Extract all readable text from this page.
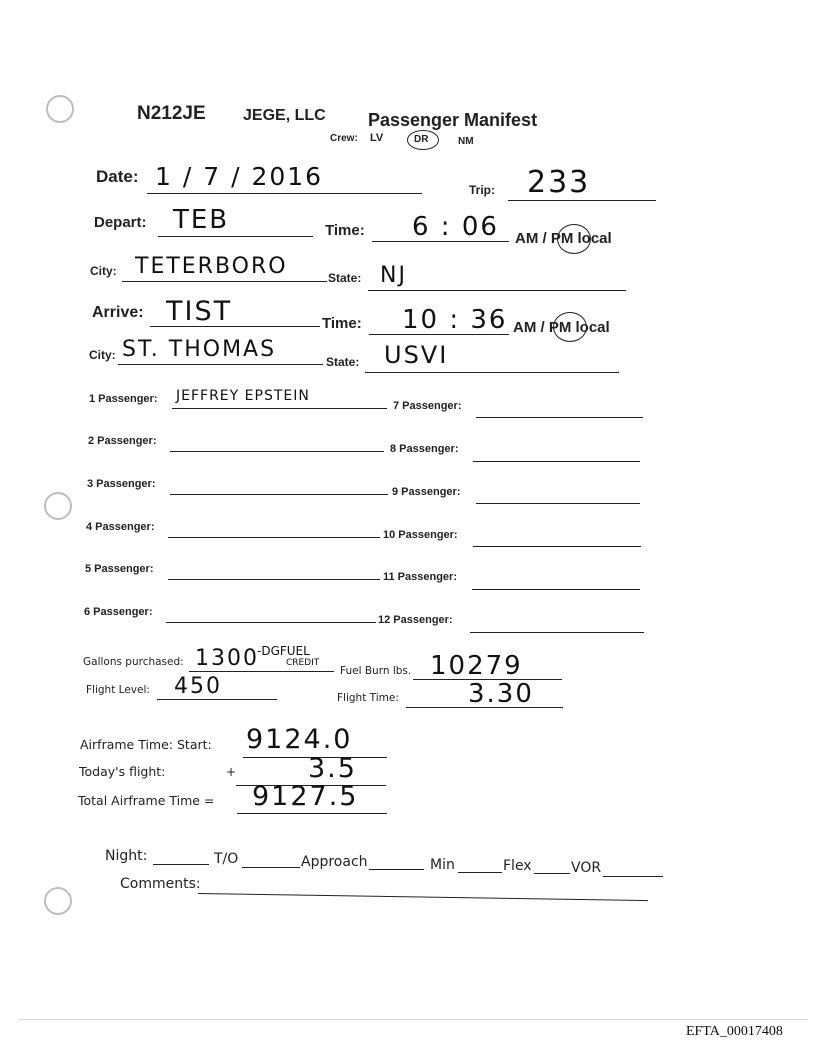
N212JE JEGE, LLC Passenger Manifest
Crew: LV	DR	NM
Date: 1 / 7 / 2016	Trip: 233
Depart: TEB	Time: 6 : 06 AM / PM local
City: TETERBORO	State: NJ
Arrive: TIST	Time: 10 : 36 AM / PM local
City: ST. THOMAS	State: USVI
1 Passenger: JEFFREY EPSTEIN
2 Passenger:
3 Passenger:
4 Passenger:
5 Passenger:
6 Passenger:
7 Passenger:
8 Passenger:
9 Passenger:
10 Passenger:
11 Passenger:
12 Passenger:
Gallons purchased: 1300
-DGFUEL
CREDIT
Fuel Burn lbs. 10279
Flight Level: 450	Flight Time:	3.30
Airframe Time: Start: 9124.0
Today's flight:	+	3.5
Total Airframe Time = 9127.5
Night:	T/O	Approach	Min	Flex	VOR
Comments:
EFTA_00017408
